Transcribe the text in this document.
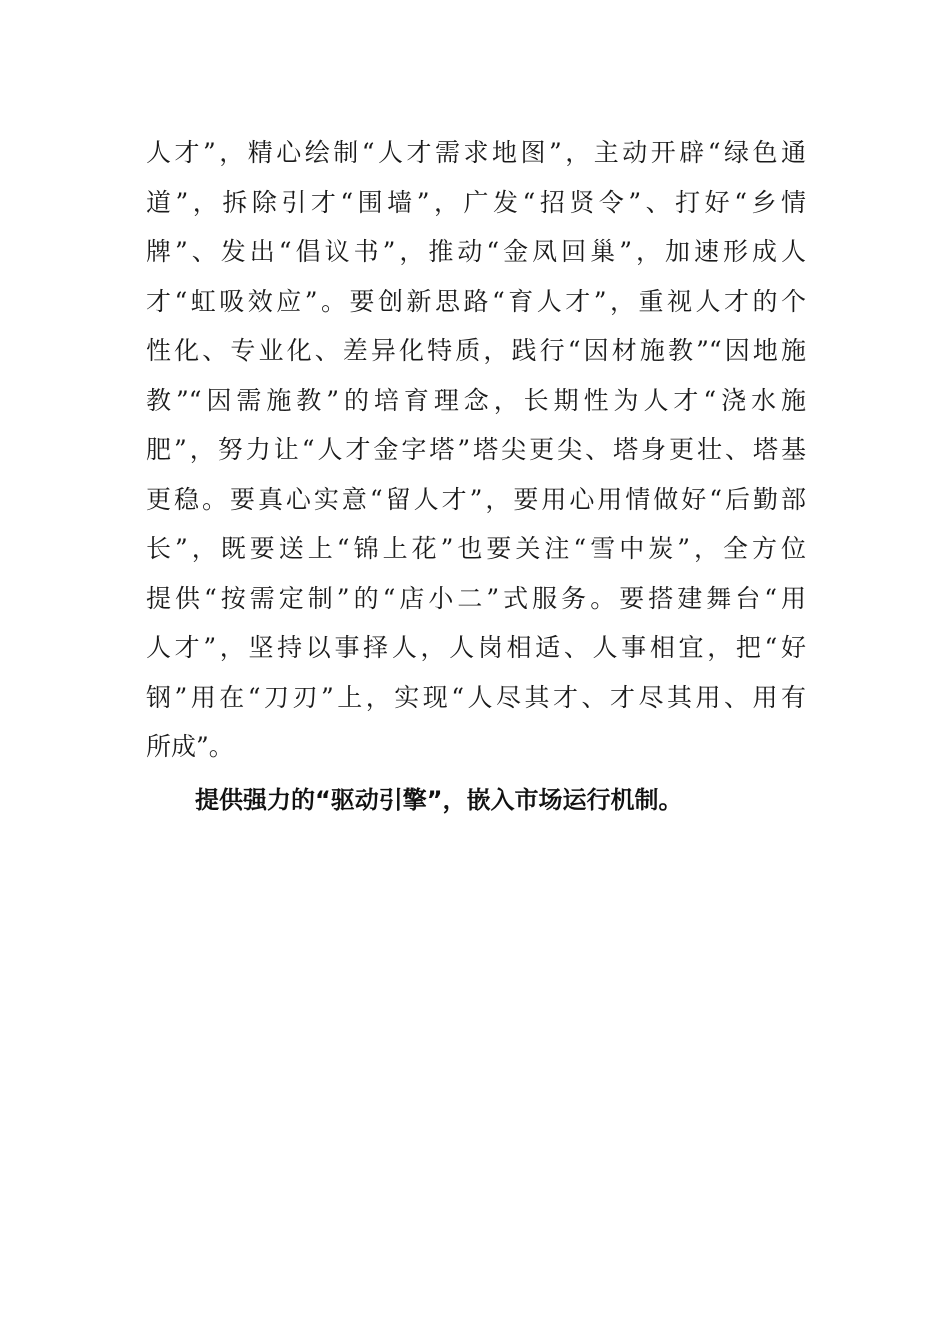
人才”，精心绘制“人才需求地图”，主动开辟“绿色通
道”，拆除引才“围墙”，广发“招贤令”、打好“乡情
牌”、发出“倡议书”，推动“金凤回巢”，加速形成人
才“虹吸效应”。要创新思路“育人才”，重视人才的个
性化、专业化、差异化特质，践行“因材施教”“因地施
教”“因需施教”的培育理念，长期性为人才“浇水施
肥”，努力让“人才金字塔”塔尖更尖、塔身更壮、塔基
更稳。要真心实意“留人才”，要用心用情做好“后勤部
长”，既要送上“锦上花”也要关注“雪中炭”，全方位
提供“按需定制”的“店小二”式服务。要搭建舞台“用
人才”，坚持以事择人，人岗相适、人事相宜，把“好
钢”用在“刀刃”上，实现“人尽其才、才尽其用、用有
所成”。
提供强力的“驱动引擎”，嵌入市场运行机制。
